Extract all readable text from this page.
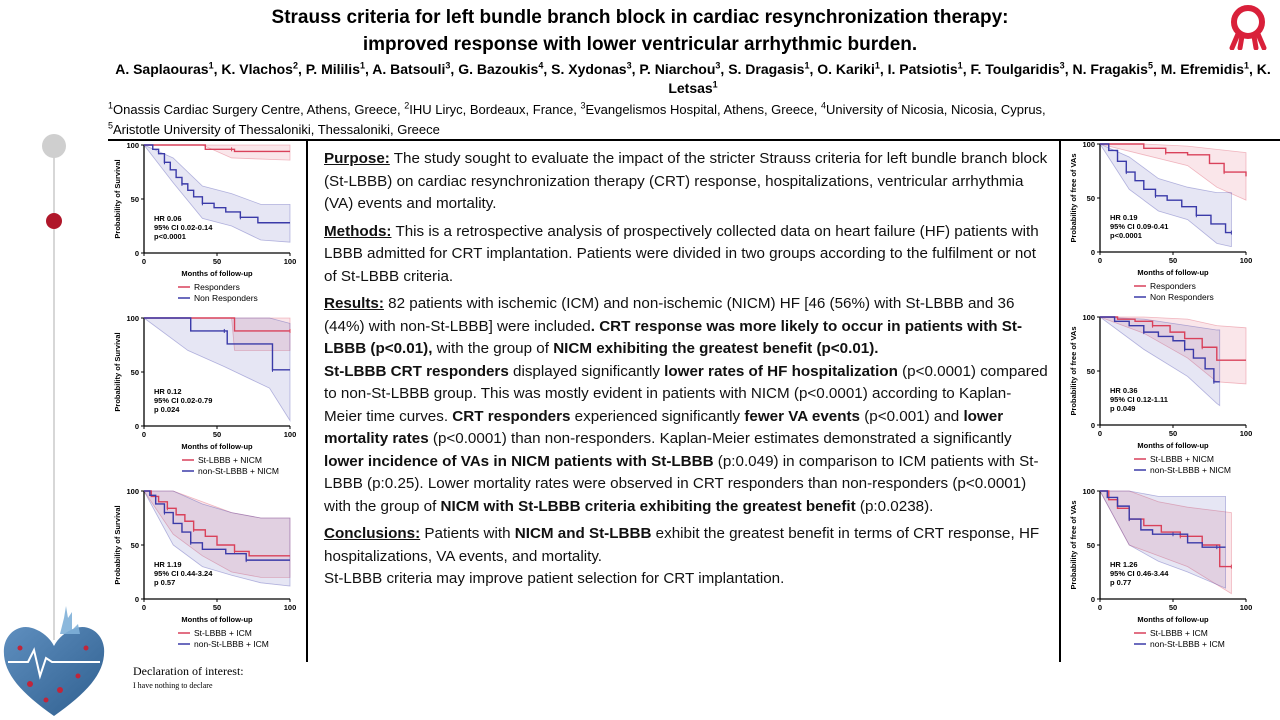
Strauss criteria for left bundle branch block in cardiac resynchronization therapy:
improved response with lower ventricular arrhythmic burden.
A. Saplaouras$^1$, K. Vlachos$^2$, P. Mililis$^1$, A. Batsouli$^3$, G. Bazoukis$^4$, S. Xydonas$^3$, P. Niarchou$^3$, S. Dragasis$^1$, O. Kariki$^1$, I. Patsiotis$^1$, F. Toulgaridis$^3$, N. Fragakis$^5$, M. Efremidis$^1$, K. Letsas$^1$
$^1$Onassis Cardiac Surgery Centre, Athens, Greece, $^2$IHU Liryc, Bordeaux, France, $^3$Evangelismos Hospital, Athens, Greece, $^4$University of Nicosia, Nicosia, Cyprus,
$^5$Aristotle University of Thessaloniki, Thessaloniki, Greece
0
50
100
0	50	100
Months of follow-up
Probability of Survival	HR 0.06
95% CI 0.02-0.14
p<0.0001
Responders
Non Responders
0
50
100
0	50	100
Months of follow-up
Probability of Survival	HR 0.12
95% CI 0.02-0.79
p 0.024
St-LBBB + NICM
non-St-LBBB + NICM
0
50
100
0	50	100
Months of follow-up
Probability of Survival	HR 1.19
95% CI 0.44-3.24
p 0.57
St-LBBB + ICM
non-St-LBBB + ICM
0
50
100
0	50	100
Months of follow-up
Probability of free of VAs	HR 0.19
95% CI 0.09-0.41
p<0.0001
Responders
Non Responders
0
50
100
0	50	100
Months of follow-up
Probability of free of VAs	HR 0.36
95% CI 0.12-1.11
p 0.049
St-LBBB + NICM
non-St-LBBB + NICM
0
50
100
0	50	100
Months of follow-up
Probability of free of VAs	HR 1.26
95% CI 0.46-3.44
p 0.77
St-LBBB + ICM
non-St-LBBB + ICM

Purpose: The study sought to evaluate the impact of the stricter Strauss criteria for left bundle branch block (St-LBBB) on cardiac resynchronization therapy (CRT) response, hospitalizations, ventricular arrhythmia (VA) events and mortality.

Methods: This is a retrospective analysis of prospectively collected data on heart failure (HF) patients with LBBB admitted for CRT implantation. Patients were divided in two groups according to the fulfilment or not of St-LBBB criteria.

Results: 82 patients with ischemic (ICM) and non-ischemic (NICM) HF [46 (56%) with St-LBBB and 36 (44%) with non-St-LBBB] were included. CRT response was more likely to occur in patients with St-LBBB (p<0.01), with the group of NICM exhibiting the greatest benefit (p<0.01).
St-LBBB CRT responders displayed significantly lower rates of HF hospitalization (p<0.0001) compared to non-St-LBBB group. This was mostly evident in patients with NICM (p<0.0001) according to Kaplan-Meier time curves. CRT responders experienced significantly fewer VA events (p<0.001) and lower mortality rates (p<0.0001) than non-responders. Kaplan-Meier estimates demonstrated a significantly lower incidence of VAs in NICM patients with St-LBBB (p:0.049) in comparison to ICM patients with St-LBBB (p:0.25). Lower mortality rates were observed in CRT responders than non-responders (p<0.0001) with the group of NICM with St-LBBB criteria exhibiting the greatest benefit (p:0.0238).

Conclusions: Patients with NICM and St-LBBB exhibit the greatest benefit in terms of CRT response, HF hospitalizations, VA events, and mortality.
St-LBBB criteria may improve patient selection for CRT implantation.

Declaration of interest:
I have nothing to declare
